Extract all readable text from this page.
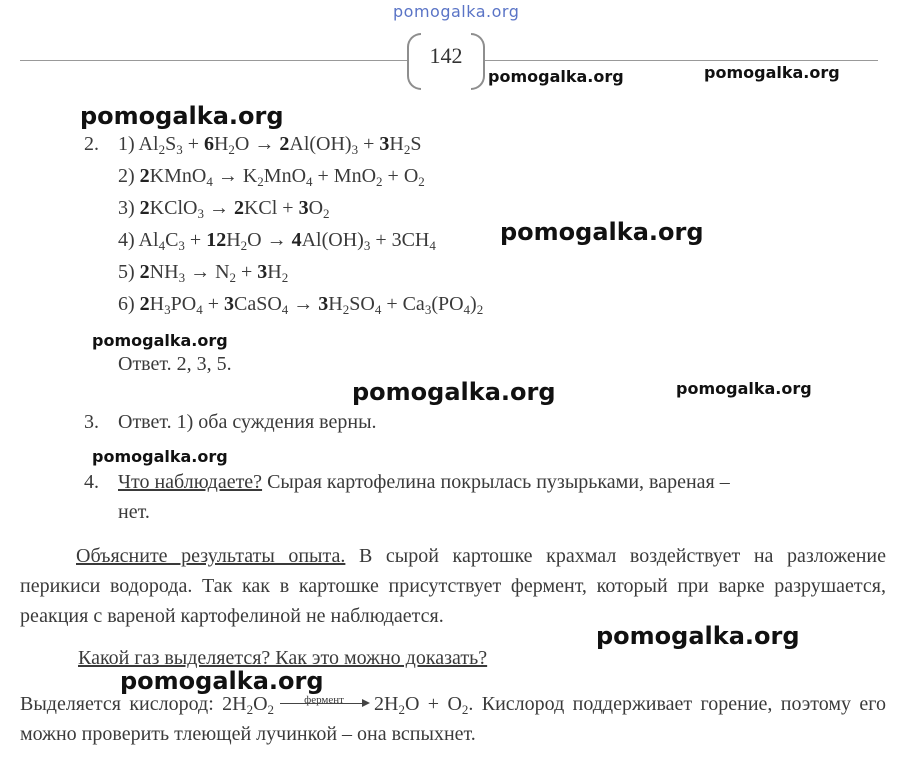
pomogalka.org
142
pomogalka.org	pomogalka.org
pomogalka.org
2. 1) $Al_2S_3 + 6H_2O \to 2Al(OH)_3 + 3H_2S$
2) 2KMnO$_4$ → $K_2MnO_4 + MnO_2 + O_2$
3) 2KClO$_3$ → $2KCl + 3O_2$
4) $Al_4C_3 + 12H_2O \to 4Al(OH)_3 + 3CH_4$	pomogalka.org
5) $2NH_3 \to N_2 + 3H_2$
6) $2H_3PO_4$ + 3CaSO$_4$ → $3H_2SO_4 + Ca_3(PO_4)_2$
pomogalka.org
Ответ. 2, 3, 5.
pomogalka.org	pomogalka.org
3. Ответ. 1) оба суждения верны.
pomogalka.org
4. Что наблюдаете? Сырая картофелина покрылась пузырьками, вареная –
нет.
Объясните результаты опыта. В сырой картошке крахмал воздействует на разложение перикиси водорода. Так как в картошке присутствует фермент, который при варке разрушается, реакция с вареной картофелиной не наблюдается.
pomogalka.org
Какой газ выделяется? Как это можно доказать?
pomogalka.org
Выделяется кислород: $2H_2O_2$
фермент	$2H_2O + O_2$. Кислород поддерживает горение, поэтому его можно проверить тлеющей лучинкой – она вспыхнет.
